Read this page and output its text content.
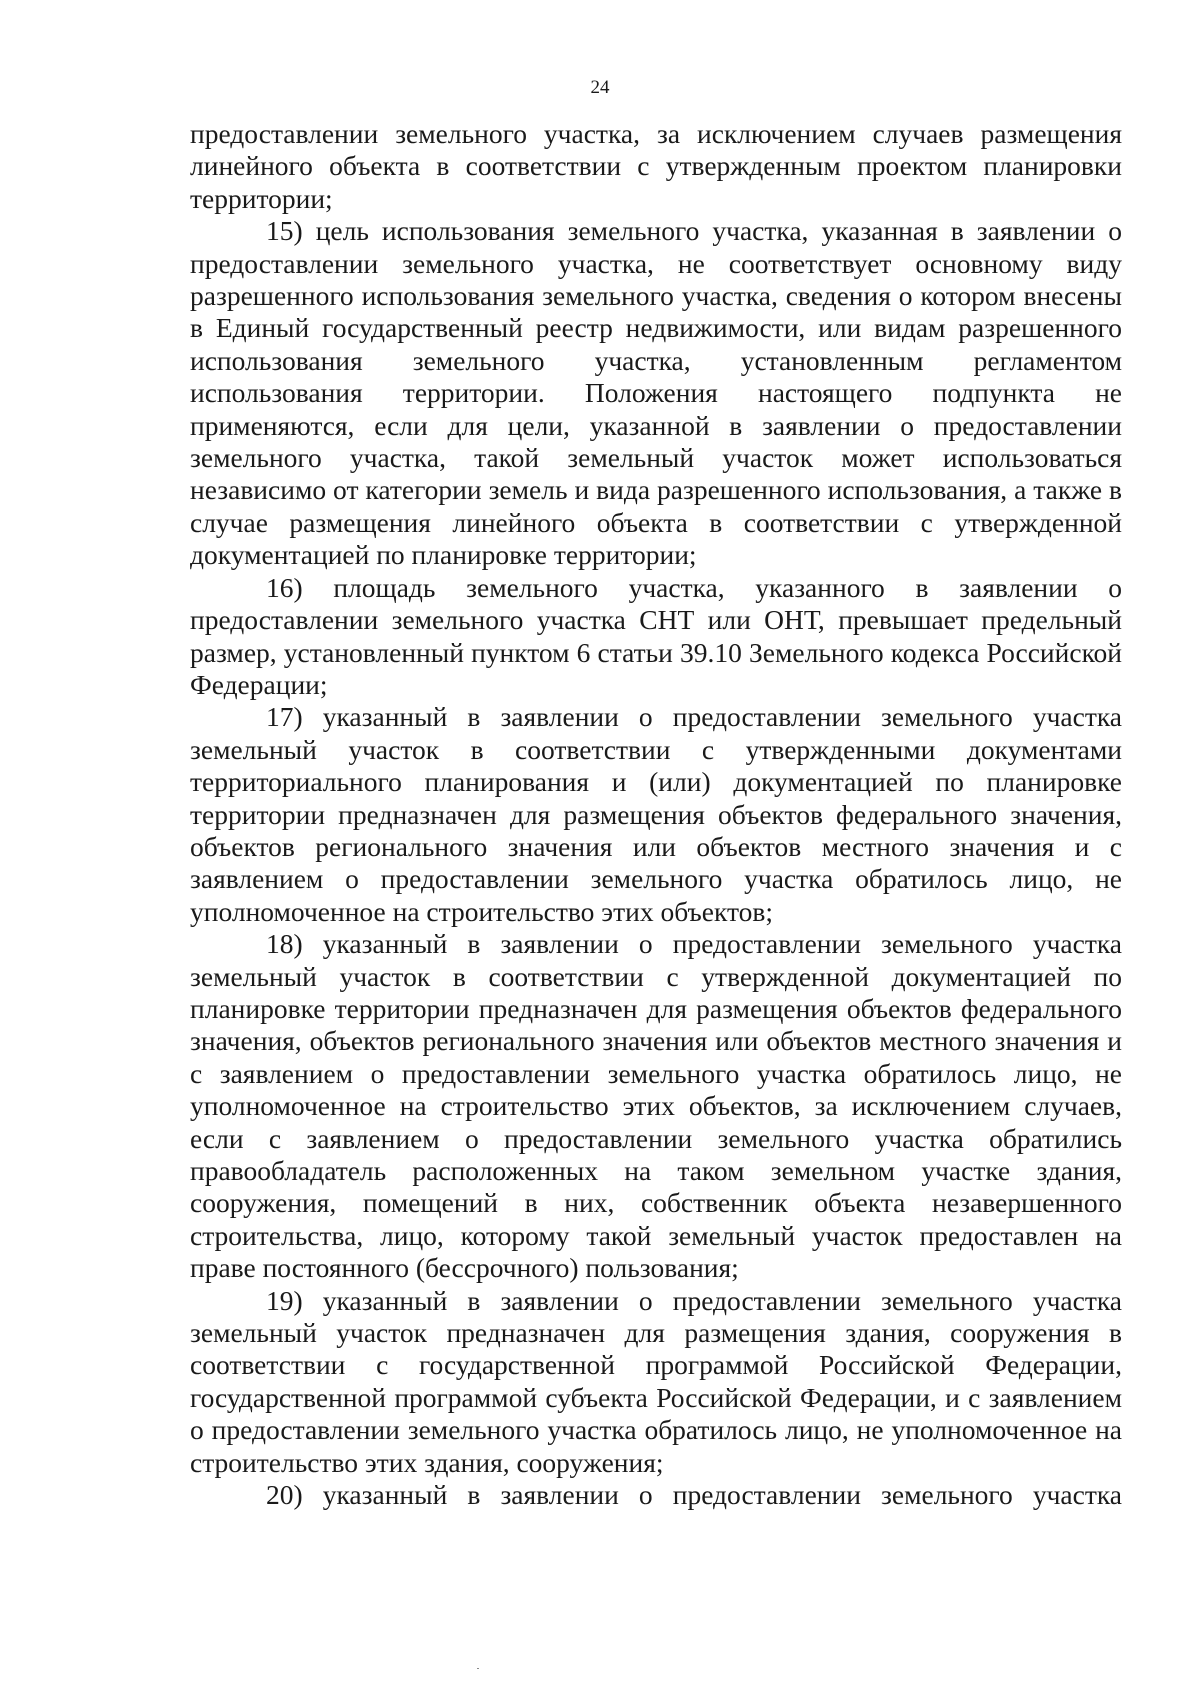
24

предоставлении земельного участка, за исключением случаев размещения линейного объекта в соответствии с утвержденным проектом планировки территории;

15) цель использования земельного участка, указанная в заявлении о предоставлении земельного участка, не соответствует основному виду разрешенного использования земельного участка, сведения о котором внесены в Единый государственный реестр недвижимости, или видам разрешенного использования земельного участка, установленным регламентом использования территории. Положения настоящего подпункта не применяются, если для цели, указанной в заявлении о предоставлении земельного участка, такой земельный участок может использоваться независимо от категории земель и вида разрешенного использования, а также в случае размещения линейного объекта в соответствии с утвержденной документацией по планировке территории;

16) площадь земельного участка, указанного в заявлении о предоставлении земельного участка СНТ или ОНТ, превышает предельный размер, установленный пунктом 6 статьи 39.10 Земельного кодекса Российской Федерации;

17) указанный в заявлении о предоставлении земельного участка земельный участок в соответствии с утвержденными документами территориального планирования и (или) документацией по планировке территории предназначен для размещения объектов федерального значения, объектов регионального значения или объектов местного значения и с заявлением о предоставлении земельного участка обратилось лицо, не уполномоченное на строительство этих объектов;

18) указанный в заявлении о предоставлении земельного участка земельный участок в соответствии с утвержденной документацией по планировке территории предназначен для размещения объектов федерального значения, объектов регионального значения или объектов местного значения и с заявлением о предоставлении земельного участка обратилось лицо, не уполномоченное на строительство этих объектов, за исключением случаев, если с заявлением о предоставлении земельного участка обратились правообладатель расположенных на таком земельном участке здания, сооружения, помещений в них, собственник объекта незавершенного строительства, лицо, которому такой земельный участок предоставлен на праве постоянного (бессрочного) пользования;

19) указанный в заявлении о предоставлении земельного участка земельный участок предназначен для размещения здания, сооружения в соответствии с государственной программой Российской Федерации, государственной программой субъекта Российской Федерации, и с заявлением о предоставлении земельного участка обратилось лицо, не уполномоченное на строительство этих здания, сооружения;

20) указанный в заявлении о предоставлении земельного участка
